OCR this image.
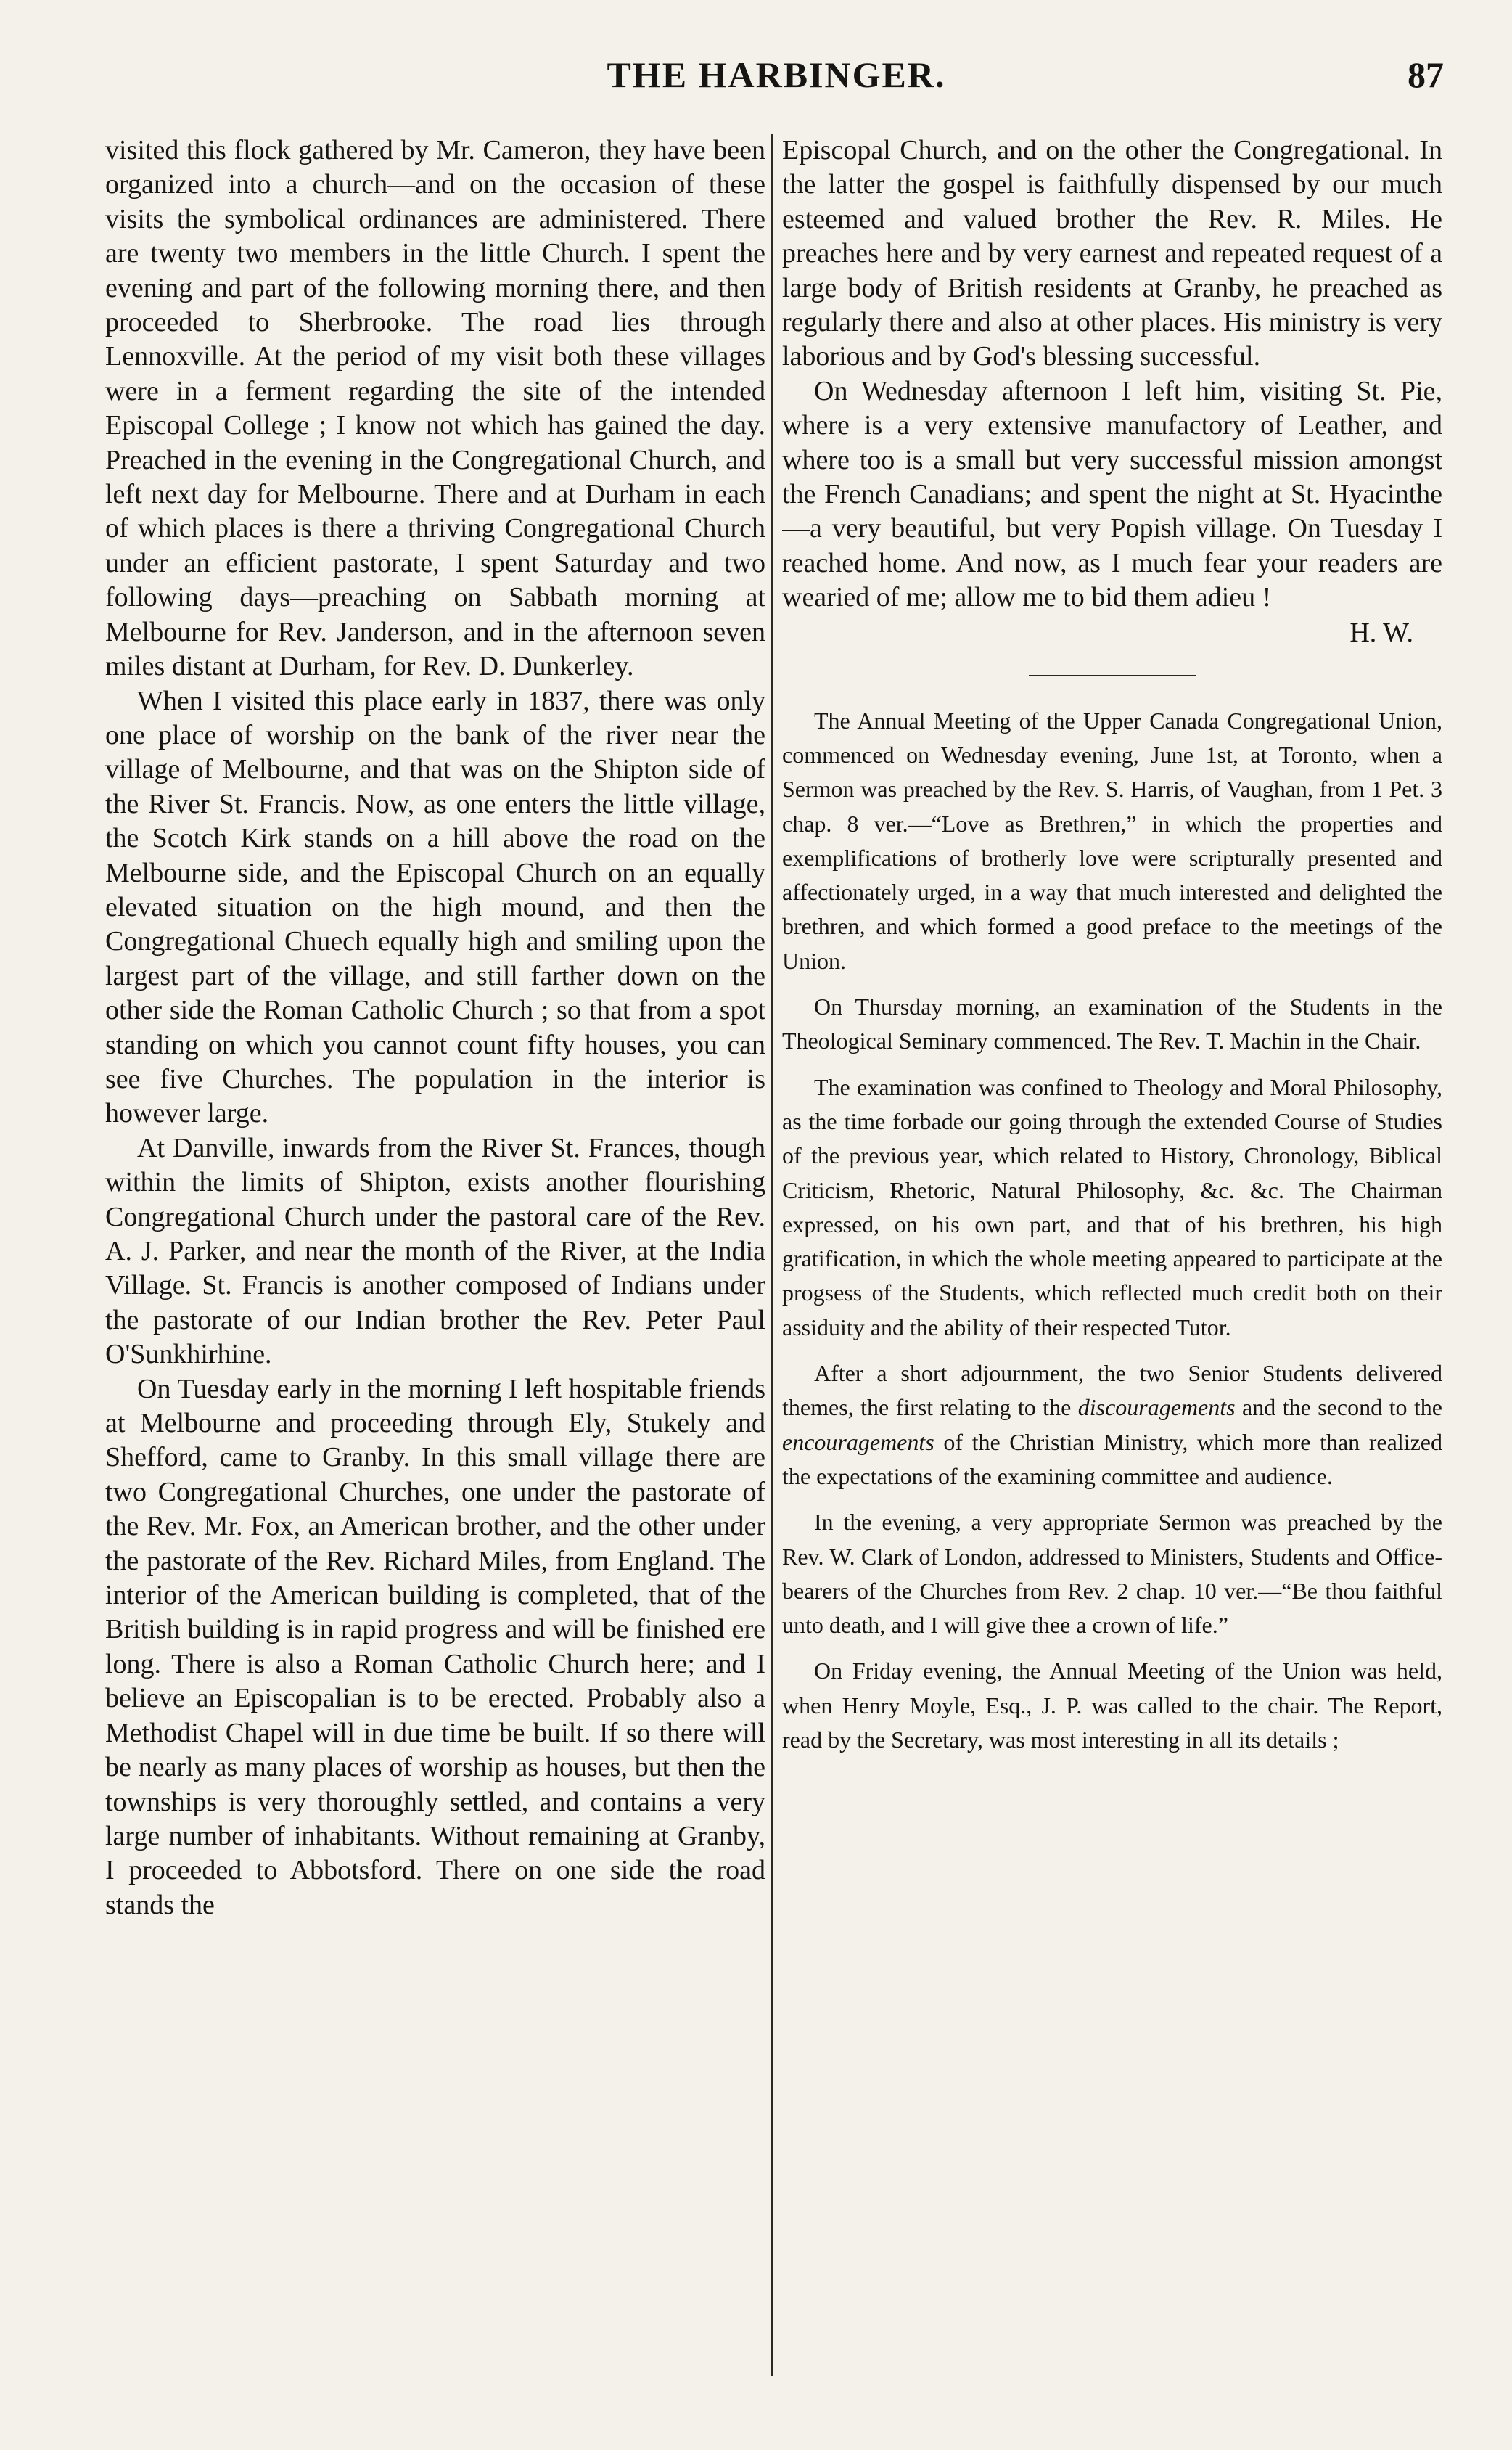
THE HARBINGER.	87

visited this flock gathered by Mr. Cameron, they have been organized into a church—and on the occasion of these visits the symbolical ordinances are administered. There are twenty two members in the little Church. I spent the evening and part of the following morning there, and then proceeded to Sherbrooke. The road lies through Lennoxville. At the period of my visit both these villages were in a ferment regarding the site of the intended Episcopal College ; I know not which has gained the day. Preached in the evening in the Congregational Church, and left next day for Melbourne. There and at Durham in each of which places is there a thriving Congregational Church under an efficient pastorate, I spent Saturday and two following days—preaching on Sabbath morning at Melbourne for Rev. Janderson, and in the afternoon seven miles distant at Durham, for Rev. D. Dunkerley.

When I visited this place early in 1837, there was only one place of worship on the bank of the river near the village of Melbourne, and that was on the Shipton side of the River St. Francis. Now, as one enters the little village, the Scotch Kirk stands on a hill above the road on the Melbourne side, and the Episcopal Church on an equally elevated situation on the high mound, and then the Congregational Chuech equally high and smiling upon the largest part of the village, and still farther down on the other side the Roman Catholic Church ; so that from a spot standing on which you cannot count fifty houses, you can see five Churches. The population in the interior is however large.

At Danville, inwards from the River St. Frances, though within the limits of Shipton, exists another flourishing Congregational Church under the pastoral care of the Rev. A. J. Parker, and near the month of the River, at the India Village. St. Francis is another composed of Indians under the pastorate of our Indian brother the Rev. Peter Paul O'Sunkhirhine.

On Tuesday early in the morning I left hospitable friends at Melbourne and proceeding through Ely, Stukely and Shefford, came to Granby. In this small village there are two Congregational Churches, one under the pastorate of the Rev. Mr. Fox, an American brother, and the other under the pastorate of the Rev. Richard Miles, from England. The interior of the American building is completed, that of the British building is in rapid progress and will be finished ere long. There is also a Roman Catholic Church here; and I believe an Episcopalian is to be erected. Probably also a Methodist Chapel will in due time be built. If so there will be nearly as many places of worship as houses, but then the townships is very thoroughly settled, and contains a very large number of inhabitants. Without remaining at Granby, I proceeded to Abbotsford. There on one side the road stands the

Episcopal Church, and on the other the Congregational. In the latter the gospel is faithfully dispensed by our much esteemed and valued brother the Rev. R. Miles. He preaches here and by very earnest and repeated request of a large body of British residents at Granby, he preached as regularly there and also at other places. His ministry is very laborious and by God's blessing successful.

On Wednesday afternoon I left him, visiting St. Pie, where is a very extensive manufactory of Leather, and where too is a small but very successful mission amongst the French Canadians; and spent the night at St. Hyacinthe—a very beautiful, but very Popish village. On Tuesday I reached home. And now, as I much fear your readers are wearied of me; allow me to bid them adieu !

H. W.

The Annual Meeting of the Upper Canada Congregational Union, commenced on Wednesday evening, June 1st, at Toronto, when a Sermon was preached by the Rev. S. Harris, of Vaughan, from 1 Pet. 3 chap. 8 ver.—“Love as Brethren,” in which the properties and exemplifications of brotherly love were scripturally presented and affectionately urged, in a way that much interested and delighted the brethren, and which formed a good preface to the meetings of the Union.

On Thursday morning, an examination of the Students in the Theological Seminary commenced. The Rev. T. Machin in the Chair.

The examination was confined to Theology and Moral Philosophy, as the time forbade our going through the extended Course of Studies of the previous year, which related to History, Chronology, Biblical Criticism, Rhetoric, Natural Philosophy, &c. &c. The Chairman expressed, on his own part, and that of his brethren, his high gratification, in which the whole meeting appeared to participate at the progsess of the Students, which reflected much credit both on their assiduity and the ability of their respected Tutor.

After a short adjournment, the two Senior Students delivered themes, the first relating to the discouragements and the second to the encouragements of the Christian Ministry, which more than realized the expectations of the examining committee and audience.

In the evening, a very appropriate Sermon was preached by the Rev. W. Clark of London, addressed to Ministers, Students and Office-bearers of the Churches from Rev. 2 chap. 10 ver.—“Be thou faithful unto death, and I will give thee a crown of life.”

On Friday evening, the Annual Meeting of the Union was held, when Henry Moyle, Esq., J. P. was called to the chair. The Report, read by the Secretary, was most interesting in all its details ;
